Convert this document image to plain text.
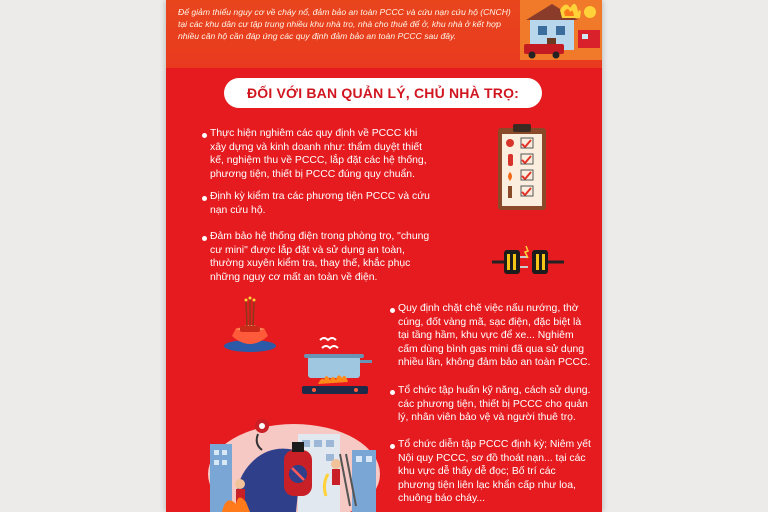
Để giảm thiểu nguy cơ về cháy nổ, đảm bảo an toàn PCCC và cứu nạn cứu hộ (CNCH) tại các khu dân cư tập trung nhiều khu nhà trọ, nhà cho thuê để ở, khu nhà ở kết hợp nhiều căn hộ cần đáp ứng các quy định đảm bảo an toàn PCCC sau đây.

ĐỐI VỚI BAN QUẢN LÝ, CHỦ NHÀ TRỌ:

Thực hiện nghiêm các quy định về PCCC khi xây dựng và kinh doanh như: thẩm duyệt thiết kế, nghiệm thu về PCCC, lắp đặt các hệ thống, phương tiện, thiết bị PCCC đúng quy chuẩn.

Định kỳ kiểm tra các phương tiện PCCC và cứu nạn cứu hộ.

Đảm bảo hệ thống điện trong phòng trọ, "chung cư mini" được lắp đặt và sử dụng an toàn, thường xuyên kiểm tra, thay thế, khắc phục những nguy cơ mất an toàn về điện.

Quy định chặt chẽ việc nấu nướng, thờ cúng, đốt vàng mã, sạc điện, đặc biệt là tại tầng hầm, khu vực để xe... Nghiêm cấm dùng bình gas mini đã qua sử dụng nhiều lần, không đảm bảo an toàn PCCC.

Tổ chức tập huấn kỹ năng, cách sử dụng. các phương tiện, thiết bị PCCC cho quản lý, nhân viên bảo vệ và người thuê trọ.

Tổ chức diễn tập PCCC định kỳ; Niêm yết Nội quy PCCC, sơ đồ thoát nạn... tại các khu vực dễ thấy dễ đọc; Bố trí các phương tiện liên lạc khẩn cấp như loa, chuông báo cháy...
